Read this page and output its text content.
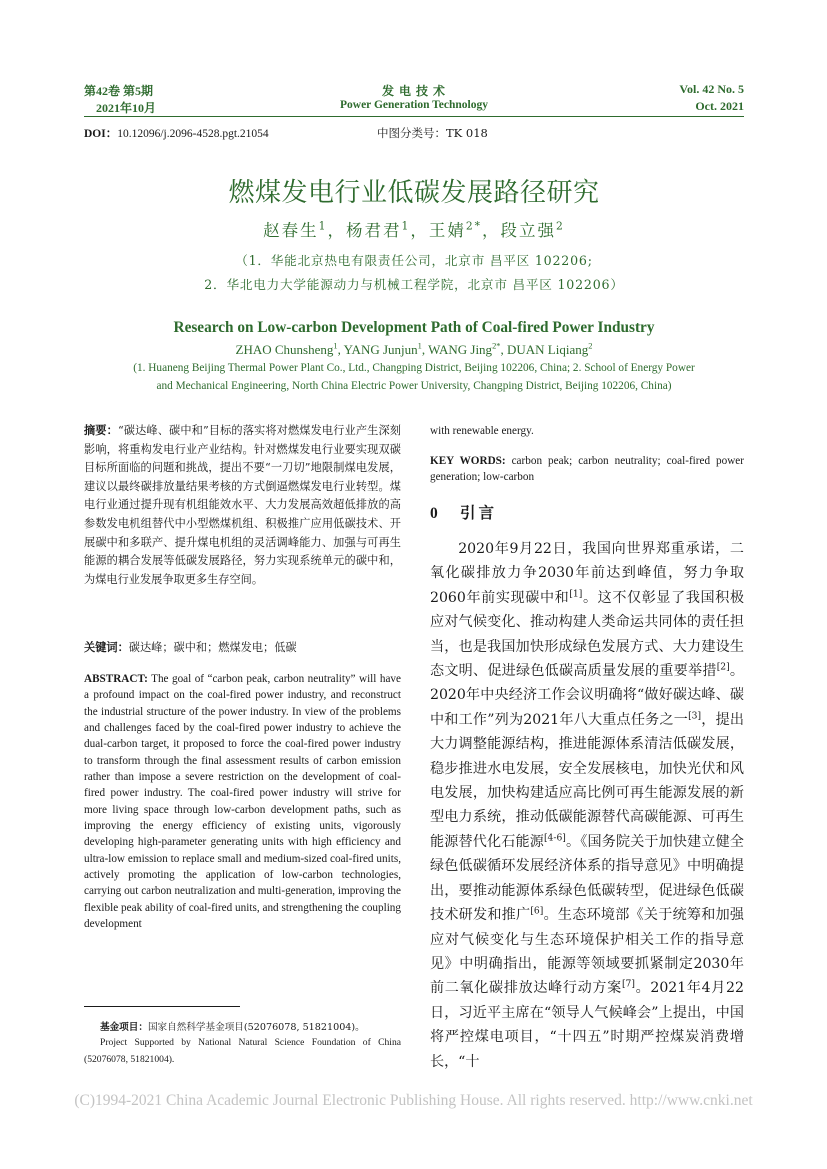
第42卷 第5期
2021年10月
发 电 技 术
Power Generation Technology
Vol. 42 No. 5
Oct. 2021
DOI：10.12096/j.2096-4528.pgt.21054	中图分类号：TK 018
燃煤发电行业低碳发展路径研究
赵春生$^1$，杨君君$^1$，王婧$^{2*}$，段立强$^2$
（1．华能北京热电有限责任公司，北京市 昌平区 102206;
2．华北电力大学能源动力与机械工程学院，北京市 昌平区 102206）
Research on Low-carbon Development Path of Coal-fired Power Industry
ZHAO Chunsheng$^1$, YANG Junjun$^1$, WANG Jing$^{2*}$, DUAN Liqiang$^2$
(1. Huaneng Beijing Thermal Power Plant Co., Ltd., Changping District, Beijing 102206, China; 2. School of Energy Power
and Mechanical Engineering, North China Electric Power University, Changping District, Beijing 102206, China)
摘要：“碳达峰、碳中和”目标的落实将对燃煤发电行业产生深刻影响，将重构发电行业产业结构。针对燃煤发电行业要实现双碳目标所面临的问题和挑战，提出不要“一刀切”地限制煤电发展，建议以最终碳排放量结果考核的方式倒逼燃煤发电行业转型。煤电行业通过提升现有机组能效水平、大力发展高效超低排放的高参数发电机组替代中小型燃煤机组、积极推广应用低碳技术、开展碳中和多联产、提升煤电机组的灵活调峰能力、加强与可再生能源的耦合发展等低碳发展路径，努力实现系统单元的碳中和，为煤电行业发展争取更多生存空间。
关键词：碳达峰；碳中和；燃煤发电；低碳
ABSTRACT: The goal of “carbon peak, carbon neutrality” will have a profound impact on the coal-fired power industry, and reconstruct the industrial structure of the power industry. In view of the problems and challenges faced by the coal-fired power industry to achieve the dual-carbon target, it proposed to force the coal-fired power industry to transform through the final assessment results of carbon emission rather than impose a severe restriction on the development of coal-fired power industry. The coal-fired power industry will strive for more living space through low-carbon development paths, such as improving the energy efficiency of existing units, vigorously developing high-parameter generating units with high efficiency and ultra-low emission to replace small and medium-sized coal-fired units, actively promoting the application of low-carbon technologies, carrying out carbon neutralization and multi-generation, improving the flexible peak ability of coal-fired units, and strengthening the coupling development
基金项目：国家自然科学基金项目(52076078, 51821004)。
Project Supported by National Natural Science Foundation of China (52076078, 51821004).
with renewable energy.
KEY WORDS: carbon peak; carbon neutrality; coal-fired power generation; low-carbon
0 引言

2020年9月22日，我国向世界郑重承诺，二氧化碳排放力争2030年前达到峰值，努力争取2060年前实现碳中和[1]。这不仅彰显了我国积极应对气候变化、推动构建人类命运共同体的责任担当，也是我国加快形成绿色发展方式、大力建设生态文明、促进绿色低碳高质量发展的重要举措[2]。2020年中央经济工作会议明确将“做好碳达峰、碳中和工作”列为2021年八大重点任务之一[3]，提出大力调整能源结构，推进能源体系清洁低碳发展，稳步推进水电发展，安全发展核电，加快光伏和风电发展，加快构建适应高比例可再生能源发展的新型电力系统，推动低碳能源替代高碳能源、可再生能源替代化石能源[4-6]。《国务院关于加快建立健全绿色低碳循环发展经济体系的指导意见》中明确提出，要推动能源体系绿色低碳转型，促进绿色低碳技术研发和推广[6]。生态环境部《关于统筹和加强应对气候变化与生态环境保护相关工作的指导意见》中明确指出，能源等领域要抓紧制定2030年前二氧化碳排放达峰行动方案[7]。2021年4月22日，习近平主席在“领导人气候峰会”上提出，中国将严控煤电项目，“十四五”时期严控煤炭消费增长，“十

(C)1994-2021 China Academic Journal Electronic Publishing House. All rights reserved. http://www.cnki.net
